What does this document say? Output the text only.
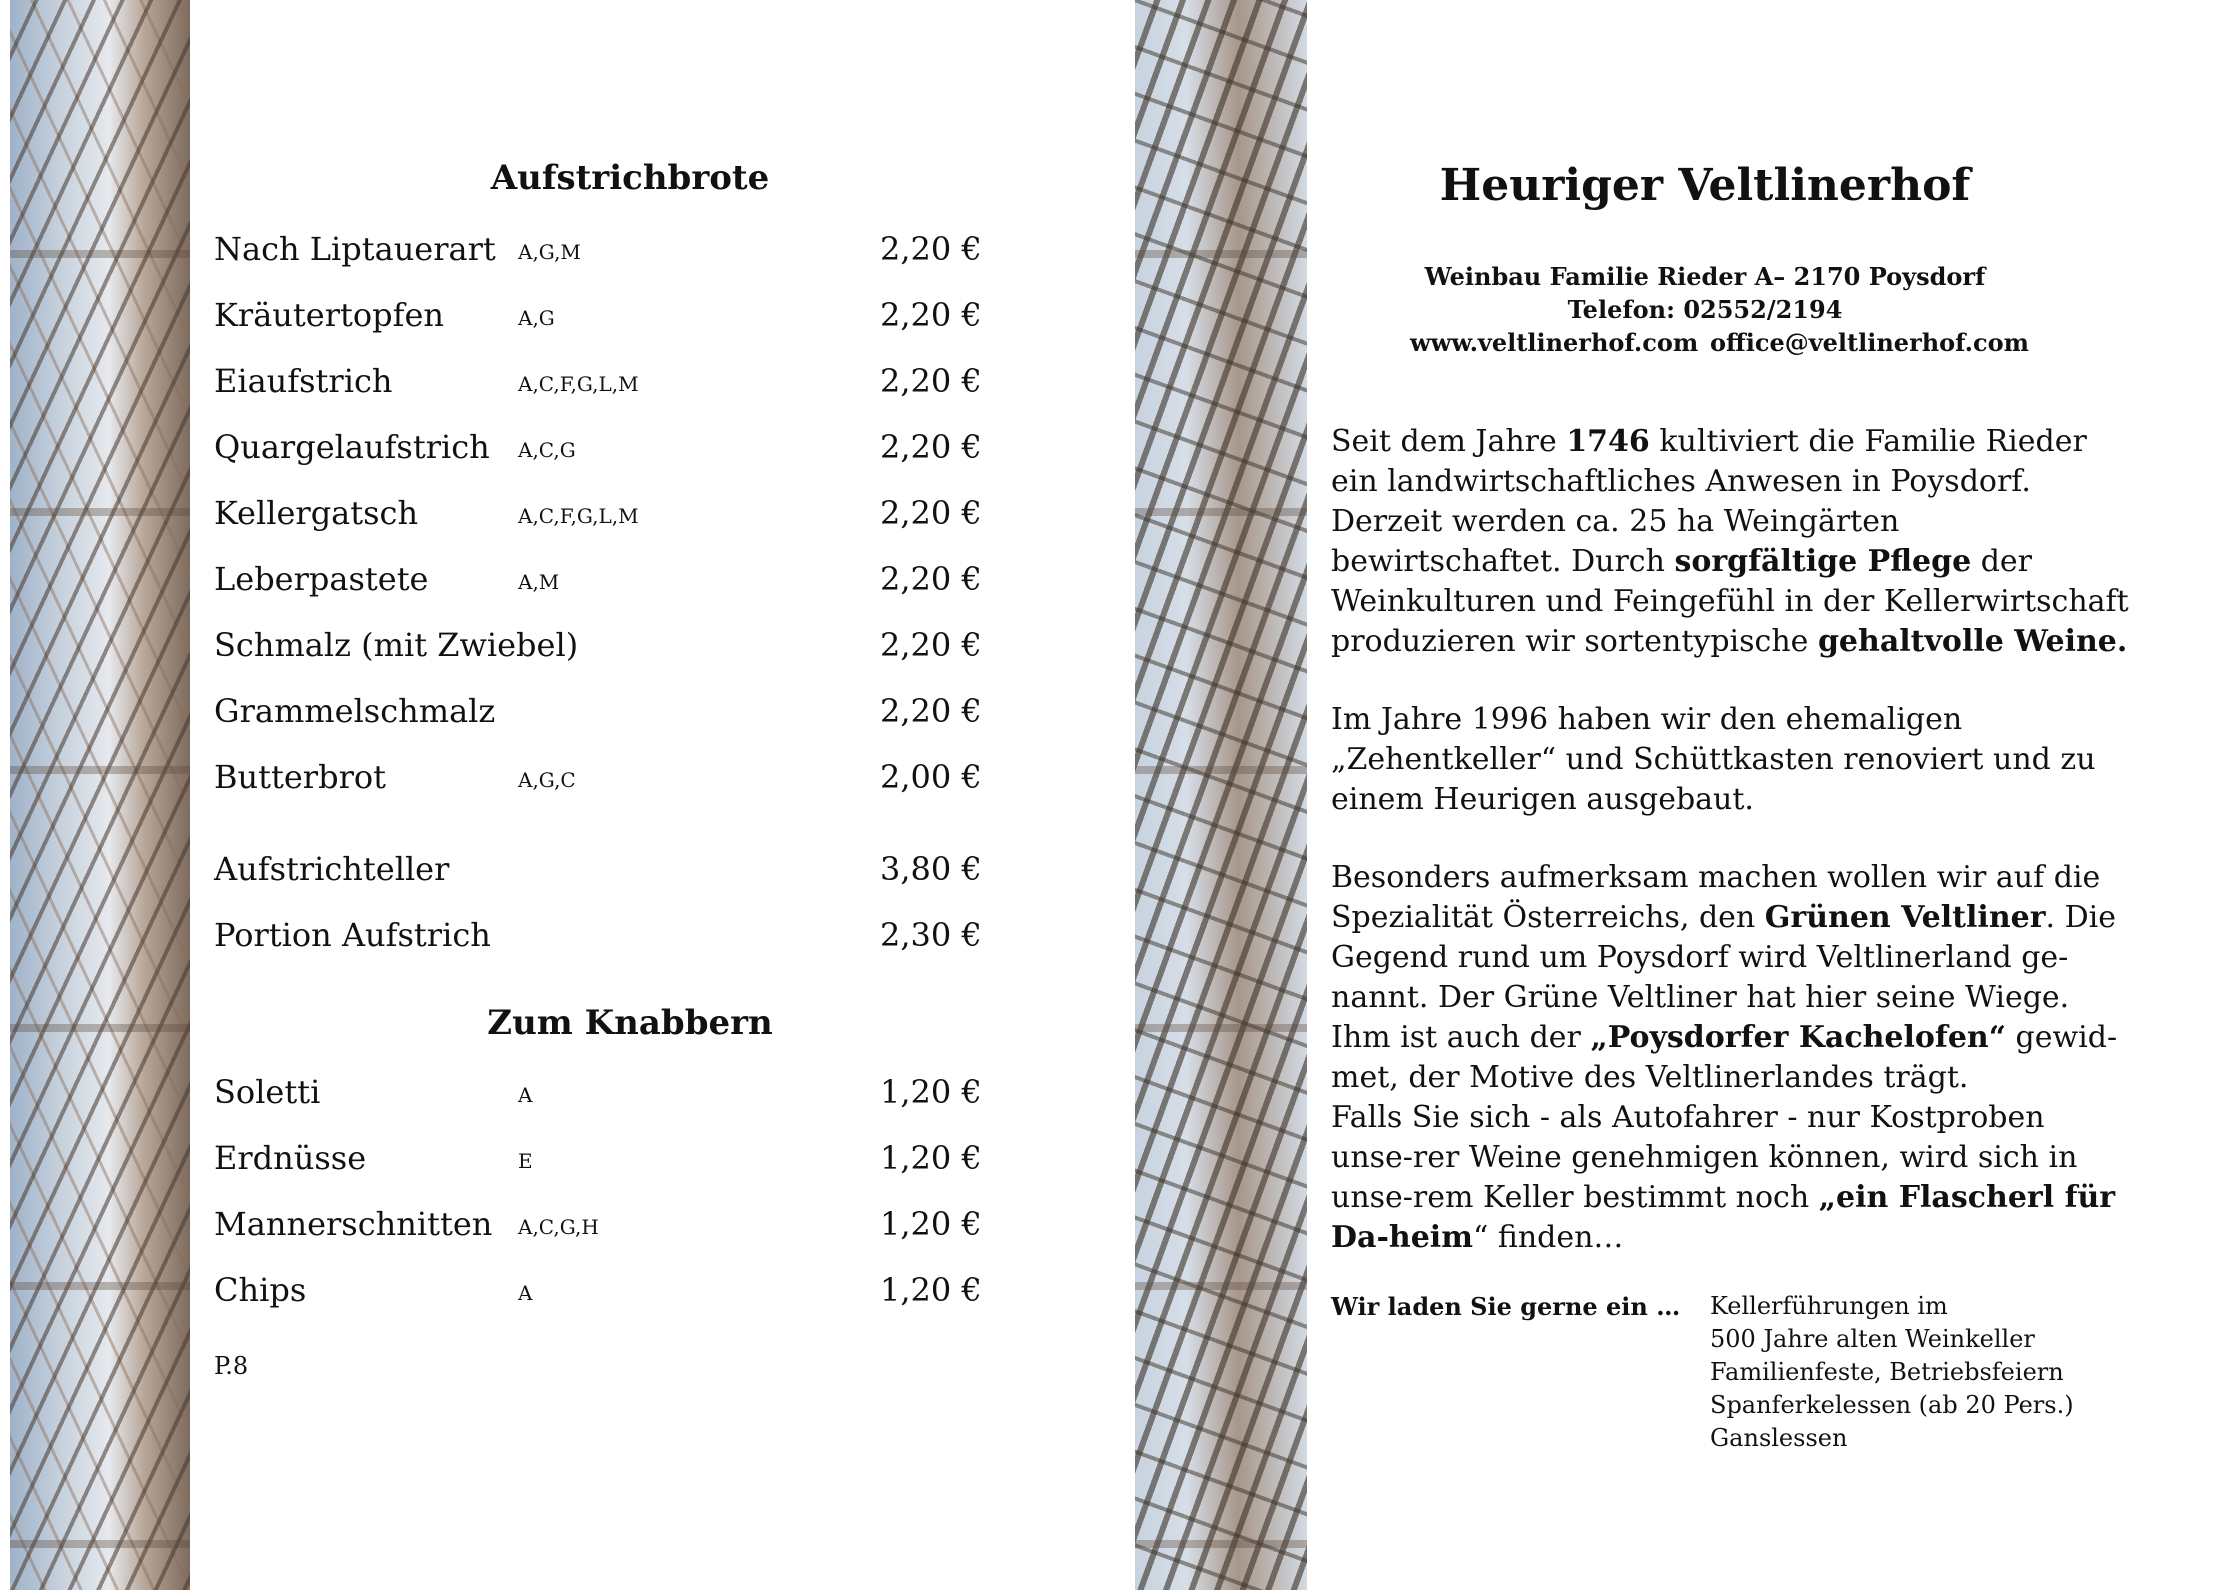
Aufstrichbrote
Nach Liptauerart A,G,M	2,20 €
Kräutertopfen	A,G	2,20 €
Eiaufstrich	A,C,F,G,L,M	2,20 €
Quargelaufstrich A,C,G	2,20 €
Kellergatsch	A,C,F,G,L,M	2,20 €
Leberpastete	A,M	2,20 €
Schmalz (mit Zwiebel)	2,20 €
Grammelschmalz	2,20 €
Butterbrot	A,G,C	2,00 €
Aufstrichteller	3,80 €
Portion Aufstrich	2,30 €
Zum Knabbern
Soletti	A	1,20 €
Erdnüsse	E	1,20 €
Mannerschnitten A,C,G,H	1,20 €
Chips	A	1,20 €
P.8
Heuriger Veltlinerhof
Weinbau Familie Rieder A– 2170 Poysdorf
Telefon: 02552/2194
www.veltlinerhof.com office@veltlinerhof.com

Seit dem Jahre 1746 kultiviert die Familie Rieder ein landwirtschaftliches Anwesen in Poysdorf.
Derzeit werden ca. 25 ha Weingärten bewirtschaftet. Durch sorgfältige Pflege der Weinkulturen und Feingefühl in der Kellerwirtschaft produzieren wir sortentypische gehaltvolle Weine.

Im Jahre 1996 haben wir den ehemaligen „Zehentkeller“ und Schüttkasten renoviert und zu einem Heurigen ausgebaut.

Besonders aufmerksam machen wollen wir auf die Spezialität Österreichs, den Grünen Veltliner. Die Gegend rund um Poysdorf wird Veltlinerland ge-nannt. Der Grüne Veltliner hat hier seine Wiege. Ihm ist auch der „Poysdorfer Kachelofen“ gewid-met, der Motive des Veltlinerlandes trägt.
Falls Sie sich - als Autofahrer - nur Kostproben unse-rer Weine genehmigen können, wird sich in unse-rem Keller bestimmt noch „ein Flascherl für Da-heim“ finden…

Wir laden Sie gerne ein … Kellerführungen im
500 Jahre alten Weinkeller
Familienfeste, Betriebsfeiern
Spanferkelessen (ab 20 Pers.)
Ganslessen
